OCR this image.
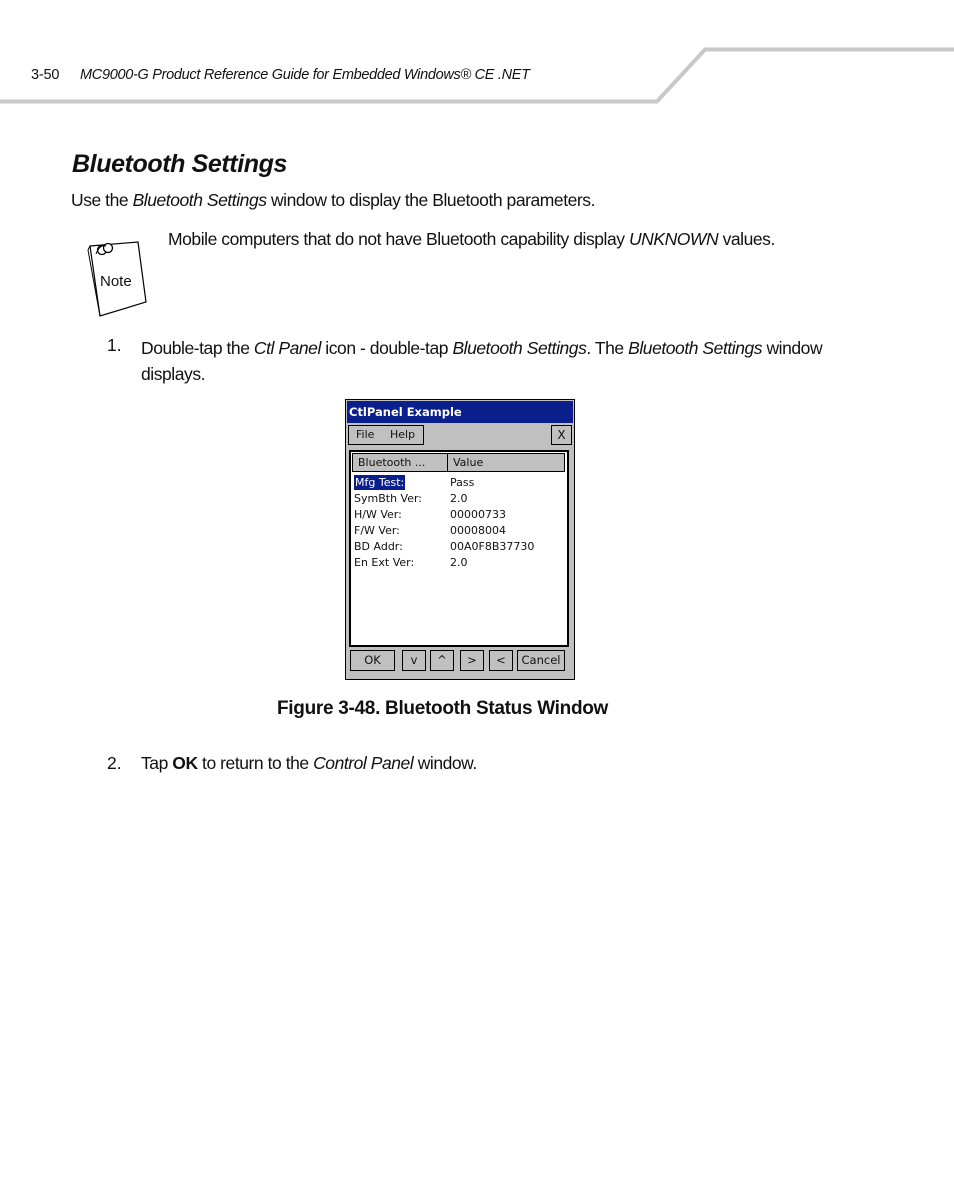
3-50 MC9000-G Product Reference Guide for Embedded Windows® CE .NET
Bluetooth Settings
Use the Bluetooth Settings window to display the Bluetooth parameters.
Note
Mobile computers that do not have Bluetooth capability display UNKNOWN values.
1. Double-tap the Ctl Panel icon - double-tap Bluetooth Settings. The Bluetooth Settings window displays.
CtlPanel Example
File Help	X
Bluetooth ...	Value
Mfg Test:	Pass
SymBth Ver:	2.0
H/W Ver:	00000733
F/W Ver:	00008004
BD Addr:	00A0F8B37730
En Ext Ver:	2.0
OK	v	^	>	<	Cancel
Figure 3-48. Bluetooth Status Window
2. Tap OK to return to the Control Panel window.
